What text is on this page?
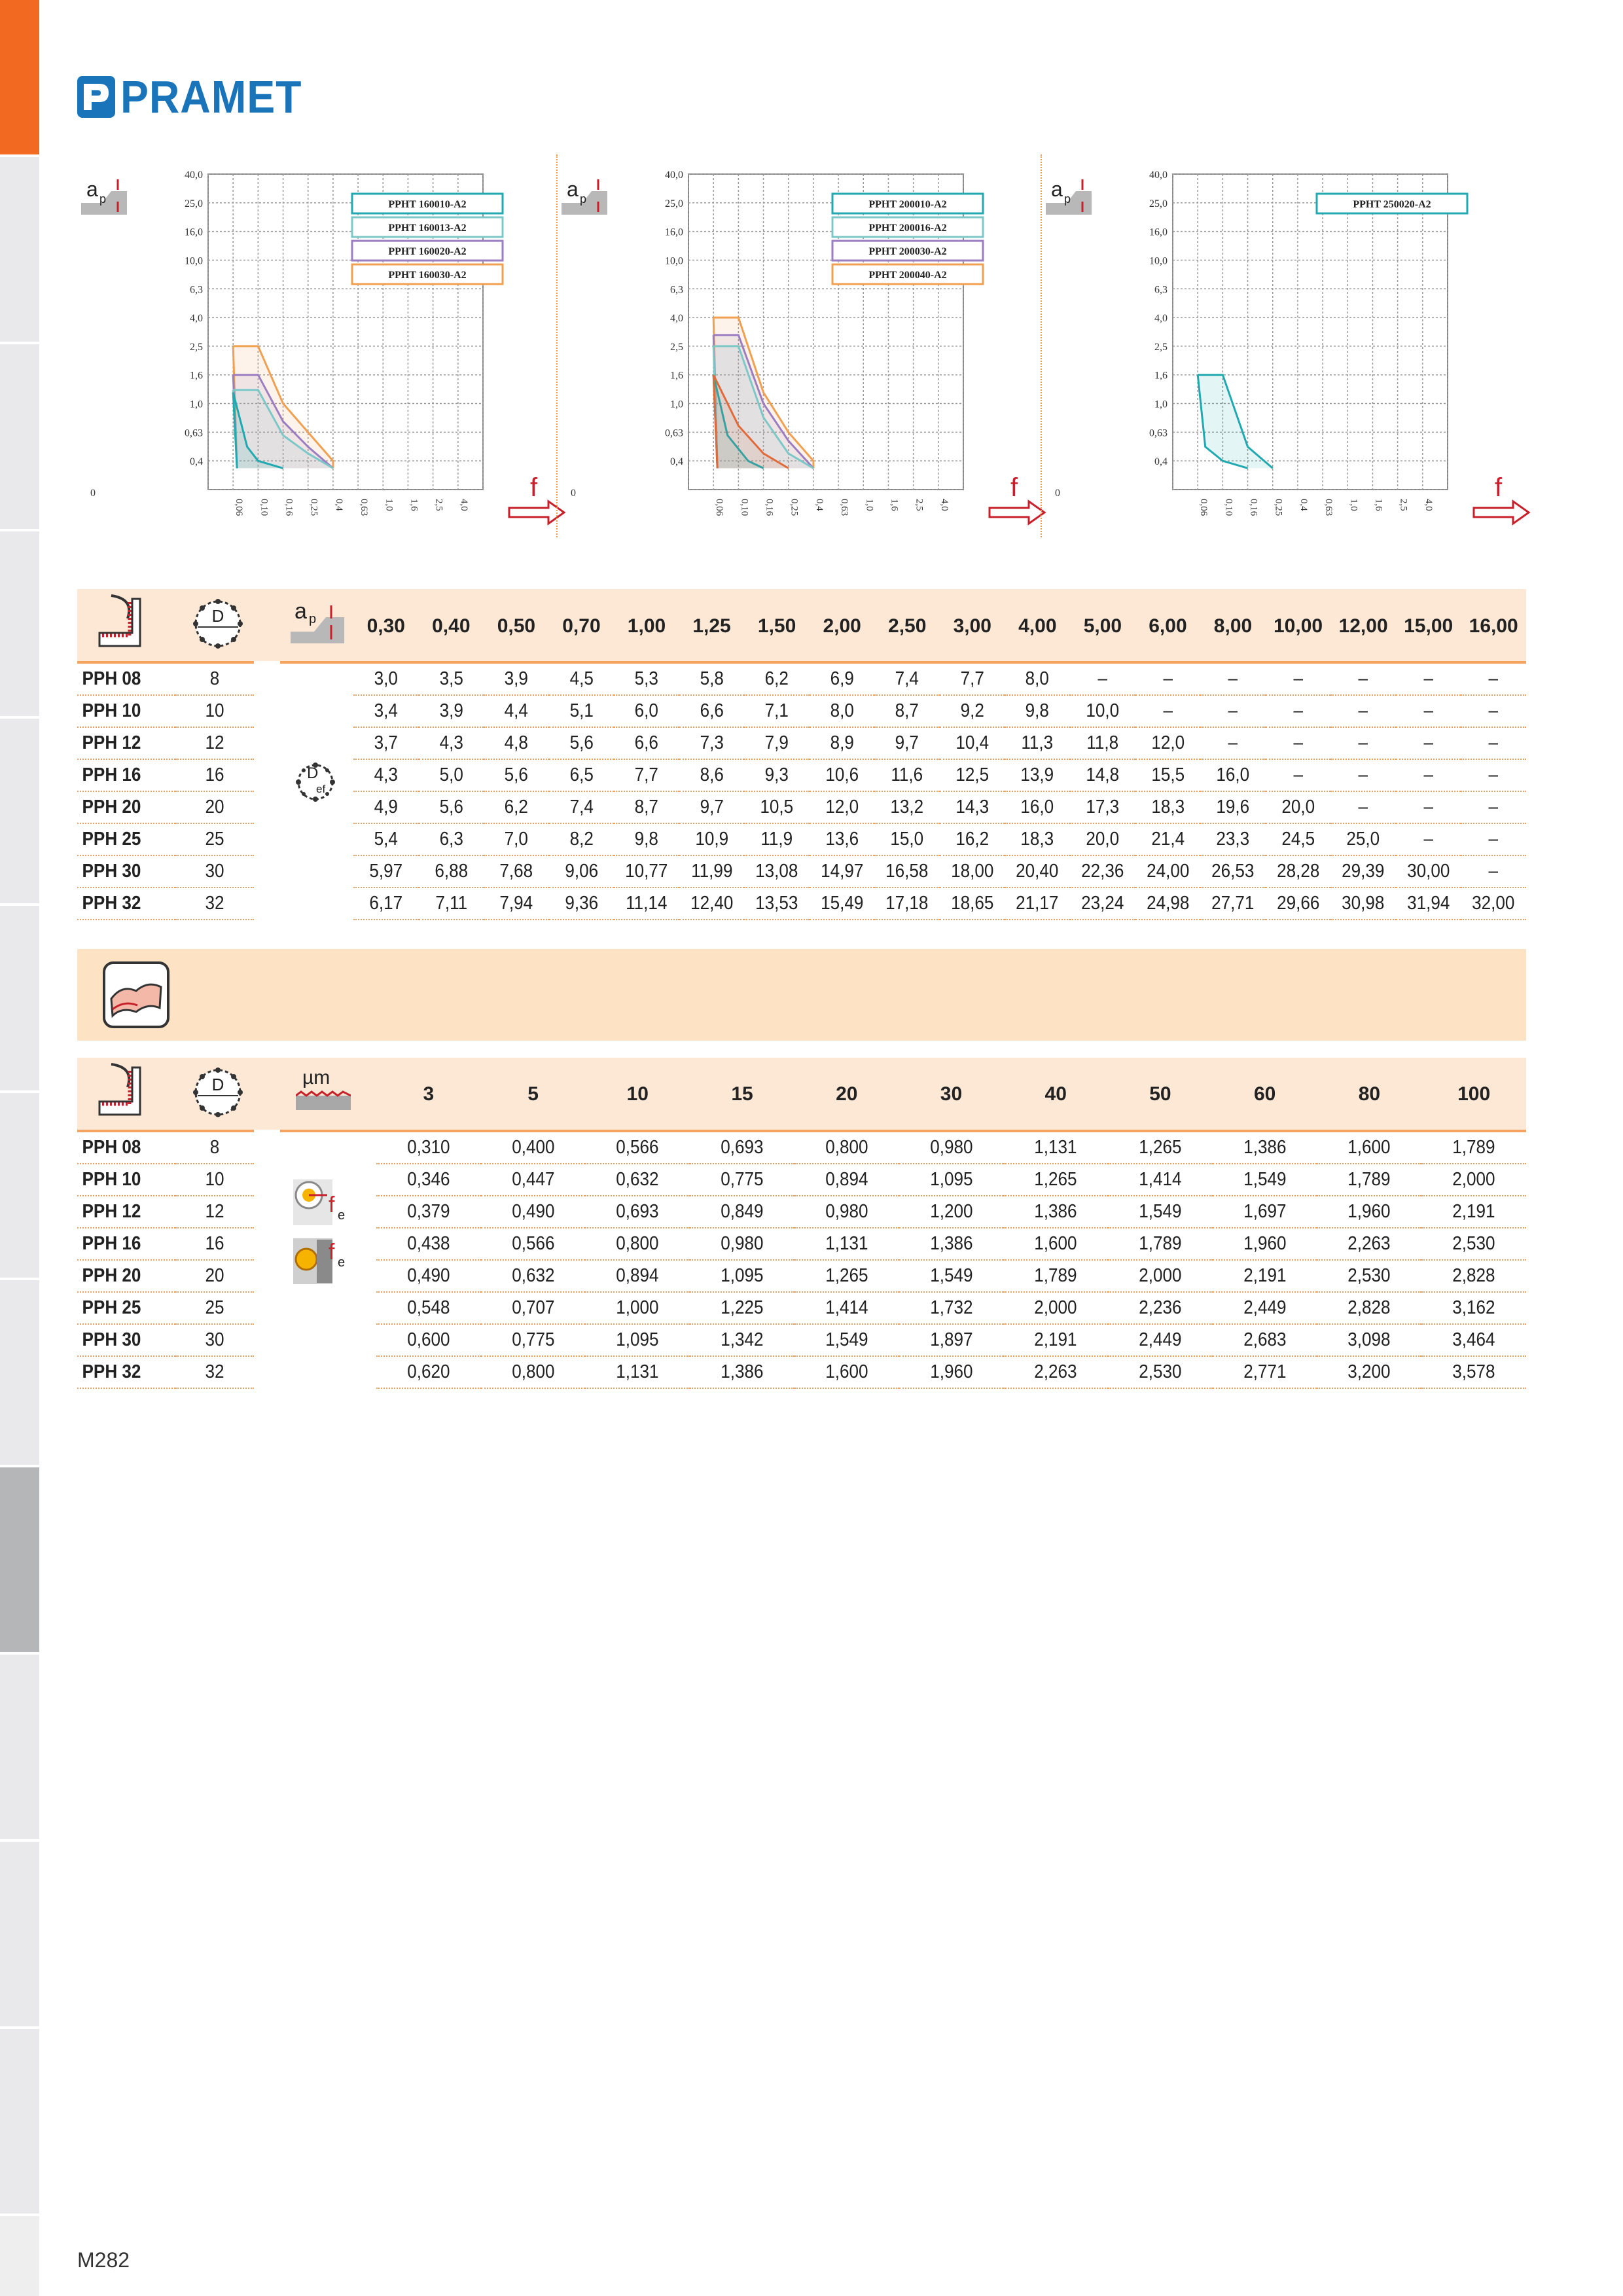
PRAMET
40,0
25,0
16,0
10,0
6,3
4,0
2,5
1,6
1,0
0,63
0,4
0
0,06 0,10 0,16 0,25 0,4 0,63 1,0 1,6 2,5 4,0
PPHT 160010-A2
PPHT 160013-A2
PPHT 160020-A2
PPHT 160030-A2
a p
f
40,0
25,0
16,0
10,0
6,3
4,0
2,5
1,6
1,0
0,63
0,4
0
0,06 0,10 0,16 0,25 0,4 0,63 1,0 1,6 2,5 4,0
PPHT 200010-A2
PPHT 200016-A2
PPHT 200030-A2
PPHT 200040-A2
a p
f
40,0
25,0
16,0
10,0
6,3
4,0
2,5
1,6
1,0
0,63
0,4
0
0,06 0,10 0,16 0,25 0,4 0,63 1,0 1,6 2,5 4,0
PPHT 250020-A2
a p
f
D	a p
PPH 08	8			3,0	3,5	3,9	4,5	5,3	5,8	6,2	6,9	7,4	7,7	8,0	–	–	–	–	–	–	–
PPH 10	10			3,4	3,9	4,4	5,1	6,0	6,6	7,1	8,0	8,7	9,2	9,8	10,0	–	–	–	–	–	–
PPH 12	12			3,7	4,3	4,8	5,6	6,6	7,3	7,9	8,9	9,7	10,4	11,3	11,8	12,0	–	–	–	–	–
PPH 16	16			4,3	5,0	5,6	6,5	7,7	8,6	9,3	10,6	11,6	12,5	13,9	14,8	15,5	16,0	–	–	–	–
PPH 20	20			4,9	5,6	6,2	7,4	8,7	9,7	10,5	12,0	13,2	14,3	16,0	17,3	18,3	19,6	20,0	–	–	–
PPH 25	25			5,4	6,3	7,0	8,2	9,8	10,9	11,9	13,6	15,0	16,2	18,3	20,0	21,4	23,3	24,5	25,0	–	–
PPH 30	30			5,97	6,88	7,68	9,06	10,77	11,99	13,08	14,97	16,58	18,00	20,40	22,36	24,00	26,53	28,28	29,39	30,00	–
PPH 32	32			6,17	7,11	7,94	9,36	11,14	12,40	13,53	15,49	17,18	18,65	21,17	23,24	24,98	27,71	29,66	30,98	31,94	32,00
D
ef
D	µm
PPH 08	8			0,310	0,400	0,566	0,693	0,800	0,980	1,131	1,265	1,386	1,600	1,789
PPH 10	10			0,346	0,447	0,632	0,775	0,894	1,095	1,265	1,414	1,549	1,789	2,000
PPH 12	12			0,379	0,490	0,693	0,849	0,980	1,200	1,386	1,549	1,697	1,960	2,191
PPH 16	16			0,438	0,566	0,800	0,980	1,131	1,386	1,600	1,789	1,960	2,263	2,530
PPH 20	20			0,490	0,632	0,894	1,095	1,265	1,549	1,789	2,000	2,191	2,530	2,828
PPH 25	25			0,548	0,707	1,000	1,225	1,414	1,732	2,000	2,236	2,449	2,828	3,162
PPH 30	30			0,600	0,775	1,095	1,342	1,549	1,897	2,191	2,449	2,683	3,098	3,464
PPH 32	32			0,620	0,800	1,131	1,386	1,600	1,960	2,263	2,530	2,771	3,200	3,578
f e
f e
M282
0,30	0,40	0,50	0,70	1,00	1,25	1,50	2,00	2,50	3,00	4,00	5,00	6,00	8,00	10,00 12,00 15,00 16,00
3	5	10	15	20	30	40	50	60	80	100
